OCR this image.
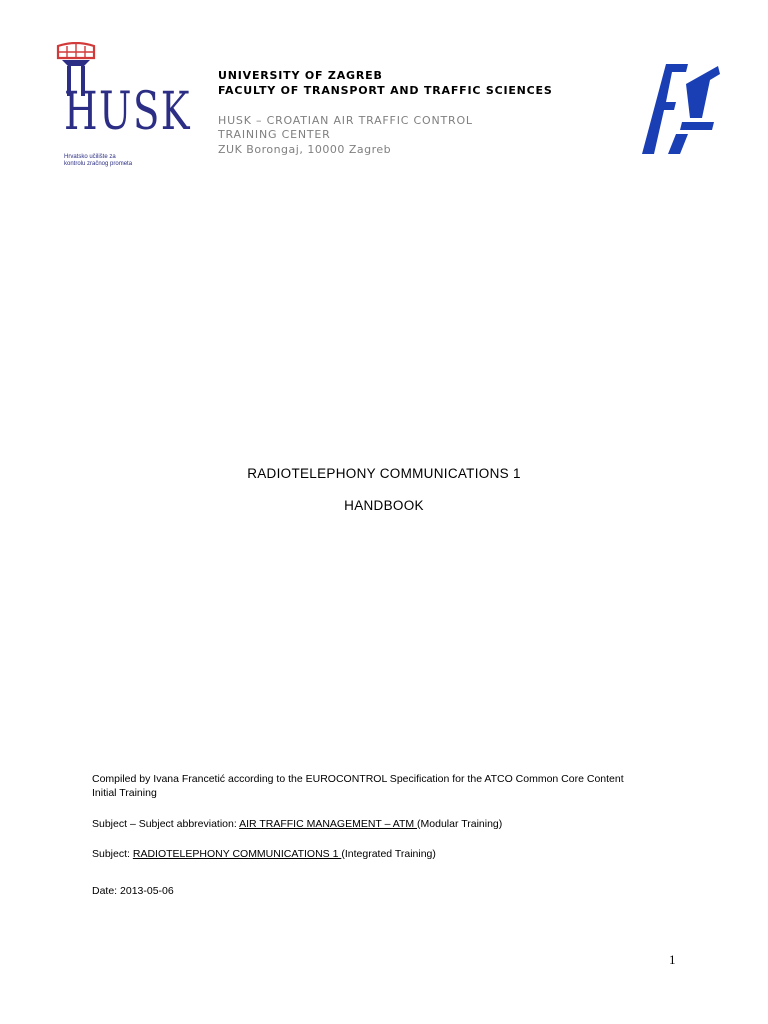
HUSK
Hrvatsko učilište za
kontrolu zračnog prometa
UNIVERSITY OF ZAGREB
FACULTY OF TRANSPORT AND TRAFFIC SCIENCES
HUSK – CROATIAN AIR TRAFFIC CONTROL
TRAINING CENTER
ZUK Borongaj, 10000 Zagreb
RADIOTELEPHONY COMMUNICATIONS 1
HANDBOOK
Compiled by Ivana Francetić according to the EUROCONTROL Specification for the ATCO Common Core Content
Initial Training
Subject – Subject abbreviation: AIR TRAFFIC MANAGEMENT – ATM (Modular Training)
Subject: RADIOTELEPHONY COMMUNICATIONS 1 (Integrated Training)
Date: 2013-05-06
1
